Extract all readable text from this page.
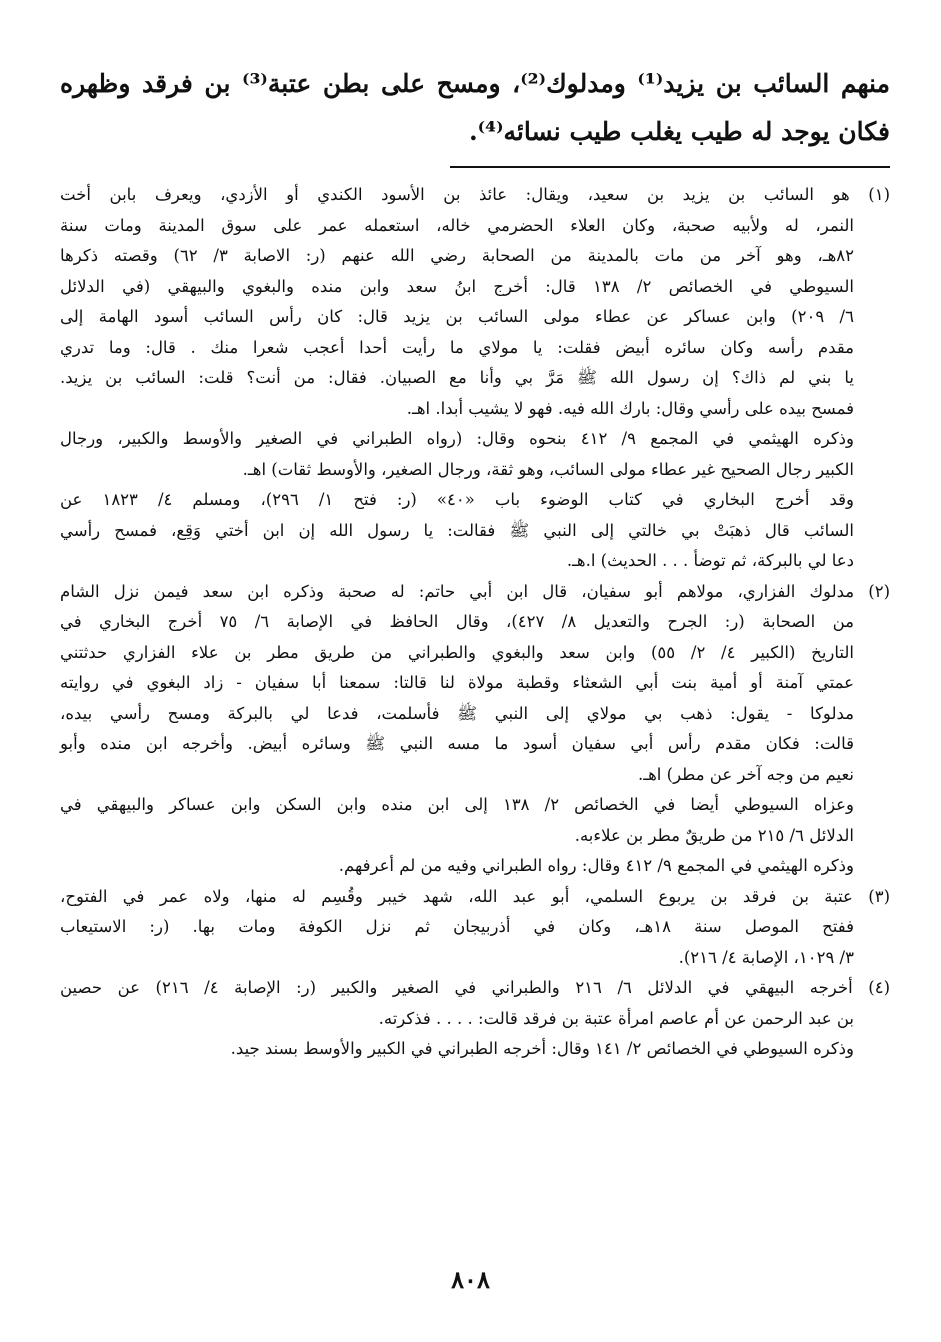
منهم السائب بن يزيد⁽¹⁾ ومدلوك⁽²⁾، ومسح على بطن عتبة⁽³⁾ بن فرقد وظهره
فكان يوجد له طيب يغلب طيب نسائه⁽⁴⁾.
(١) هو السائب بن يزيد بن سعيد، ويقال: عائذ بن الأسود الكندي أو الأزدي، ويعرف بابن أخت
النمر، له ولأبيه صحبة، وكان العلاء الحضرمي خاله، استعمله عمر على سوق المدينة ومات سنة
٨٢هـ، وهو آخر من مات بالمدينة من الصحابة رضي الله عنهم (ر: الاصابة ٣/ ٦٢) وقصته ذكرها
السيوطي في الخصائص ٢/ ١٣٨ قال: أخرج ابنُ سعد وابن منده والبغوي والبيهقي (في الدلائل
٦/ ٢٠٩) وابن عساكر عن عطاء مولى السائب بن يزيد قال: كان رأس السائب أسود الهامة إلى
مقدم رأسه وكان سائره أبيض فقلت: يا مولاي ما رأيت أحدا أعجب شعرا منك . قال: وما تدري
يا بني لم ذاك؟ إن رسول الله ﷺ مَرَّ بي وأنا مع الصبيان. فقال: من أنت؟ قلت: السائب بن يزيد.
فمسح بيده على رأسي وقال: بارك الله فيه. فهو لا يشيب أبدا. اهـ.
وذكره الهيثمي في المجمع ٩/ ٤١٢ بنحوه وقال: (رواه الطبراني في الصغير والأوسط والكبير، ورجال
الكبير رجال الصحيح غير عطاء مولى السائب، وهو ثقة، ورجال الصغير، والأوسط ثقات) اهـ.
وقد أخرج البخاري في كتاب الوضوء باب «٤٠» (ر: فتح ١/ ٢٩٦)، ومسلم ٤/ ١٨٢٣ عن
السائب قال ذهبَتْ بي خالتي إلى النبي ﷺ فقالت: يا رسول الله إن ابن أختي وَقِع، فمسح رأسي
دعا لي بالبركة، ثم توضأ . . . الحديث) ا.هـ.
(٢) مدلوك الفزاري، مولاهم أبو سفيان، قال ابن أبي حاتم: له صحبة وذكره ابن سعد فيمن نزل الشام
من الصحابة (ر: الجرح والتعديل ٨/ ٤٢٧)، وقال الحافظ في الإصابة ٦/ ٧٥ أخرج البخاري في
التاريخ (الكبير ٤/ ٢/ ٥٥) وابن سعد والبغوي والطبراني من طريق مطر بن علاء الفزاري حدثتني
عمتي آمنة أو أمية بنت أبي الشعثاء وقطبة مولاة لنا قالتا: سمعنا أبا سفيان - زاد البغوي في روايته
مدلوكا - يقول: ذهب بي مولاي إلى النبي ﷺ فأسلمت، فدعا لي بالبركة ومسح رأسي بيده،
قالت: فكان مقدم رأس أبي سفيان أسود ما مسه النبي ﷺ وسائره أبيض. وأخرجه ابن منده وأبو
نعيم من وجه آخر عن مطر) اهـ.
وعزاه السيوطي أيضا في الخصائص ٢/ ١٣٨ إلى ابن منده وابن السكن وابن عساكر والبيهقي في
الدلائل ٦/ ٢١٥ من طريقٌ مطر بن علاءبه.
وذكره الهيثمي في المجمع ٩/ ٤١٢ وقال: رواه الطبراني وفيه من لم أعرفهم.
(٣) عتبة بن فرقد بن يربوع السلمي، أبو عبد الله، شهد خيبر وقُسِم له منها، ولاه عمر في الفتوح،
ففتح الموصل سنة ١٨هـ، وكان في أذربيجان ثم نزل الكوفة ومات بها. (ر: الاستيعاب
٣/ ١٠٢٩، الإصابة ٤/ ٢١٦).
(٤) أخرجه البيهقي في الدلائل ٦/ ٢١٦ والطبراني في الصغير والكبير (ر: الإصابة ٤/ ٢١٦) عن حصين
بن عبد الرحمن عن أم عاصم امرأة عتبة بن فرقد قالت: . . . . فذكرته.
وذكره السيوطي في الخصائص ٢/ ١٤١ وقال: أخرجه الطبراني في الكبير والأوسط بسند جيد.
٨٠٨
